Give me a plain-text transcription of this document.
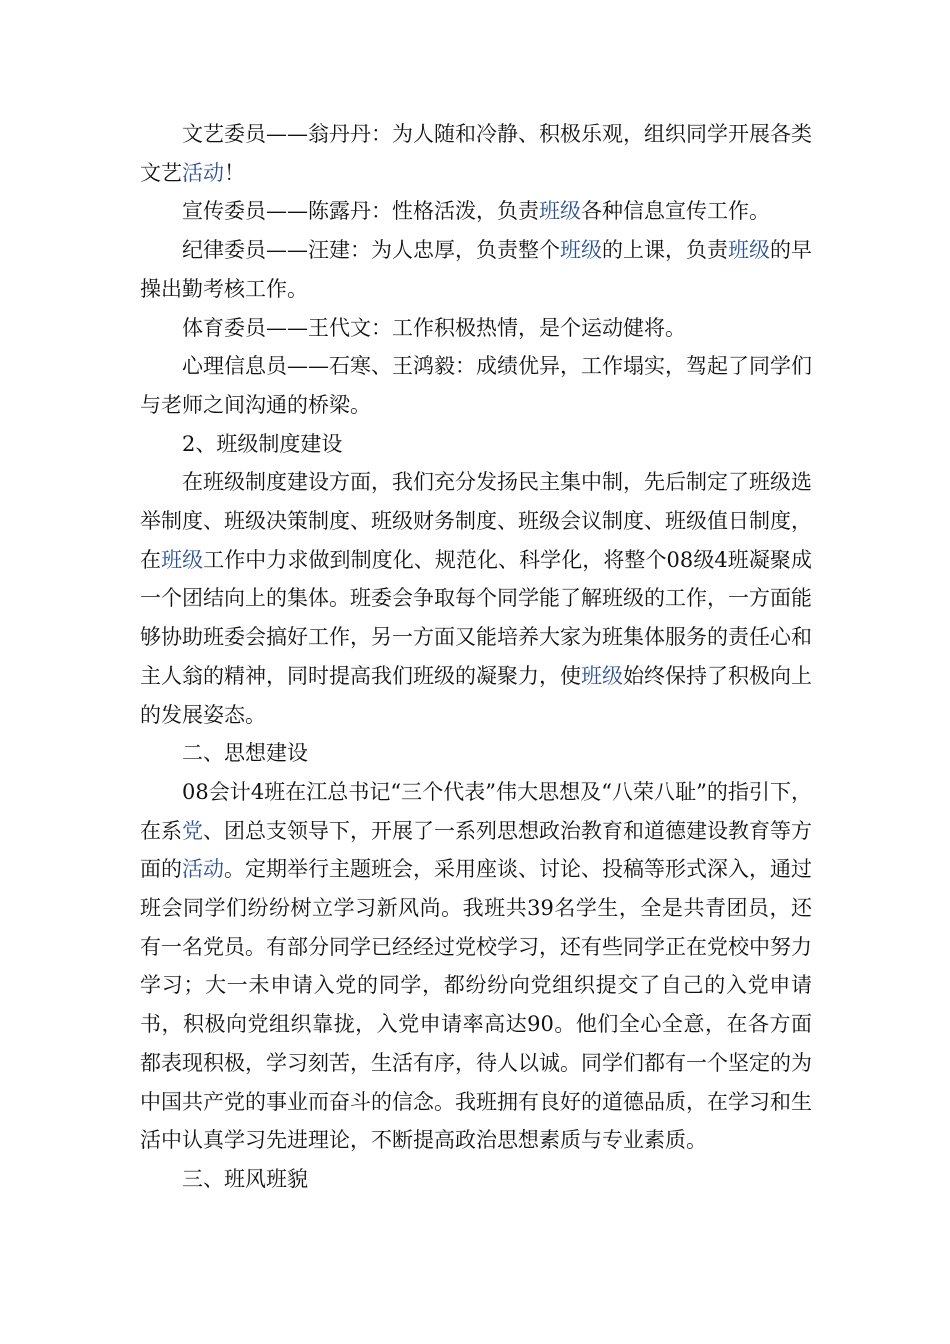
文艺委员——翁丹丹：为人随和冷静、积极乐观，组织同学开展各类文艺活动！

宣传委员——陈露丹：性格活泼，负责班级各种信息宣传工作。

纪律委员——汪建：为人忠厚，负责整个班级的上课，负责班级的早操出勤考核工作。

体育委员——王代文：工作积极热情，是个运动健将。

心理信息员——石寒、王鸿毅：成绩优异，工作塌实，驾起了同学们与老师之间沟通的桥梁。

2、班级制度建设

在班级制度建设方面，我们充分发扬民主集中制，先后制定了班级选举制度、班级决策制度、班级财务制度、班级会议制度、班级值日制度，在班级工作中力求做到制度化、规范化、科学化，将整个08级4班凝聚成一个团结向上的集体。班委会争取每个同学能了解班级的工作，一方面能够协助班委会搞好工作，另一方面又能培养大家为班集体服务的责任心和主人翁的精神，同时提高我们班级的凝聚力，使班级始终保持了积极向上的发展姿态。

二、思想建设

08会计4班在江总书记“三个代表”伟大思想及“八荣八耻”的指引下，在系党、团总支领导下，开展了一系列思想政治教育和道德建设教育等方面的活动。定期举行主题班会，采用座谈、讨论、投稿等形式深入，通过班会同学们纷纷树立学习新风尚。我班共39名学生，全是共青团员，还有一名党员。有部分同学已经经过党校学习，还有些同学正在党校中努力学习；大一未申请入党的同学，都纷纷向党组织提交了自己的入党申请书，积极向党组织靠拢，入党申请率高达90。他们全心全意，在各方面都表现积极，学习刻苦，生活有序，待人以诚。同学们都有一个坚定的为中国共产党的事业而奋斗的信念。我班拥有良好的道德品质，在学习和生活中认真学习先进理论，不断提高政治思想素质与专业素质。

三、班风班貌
